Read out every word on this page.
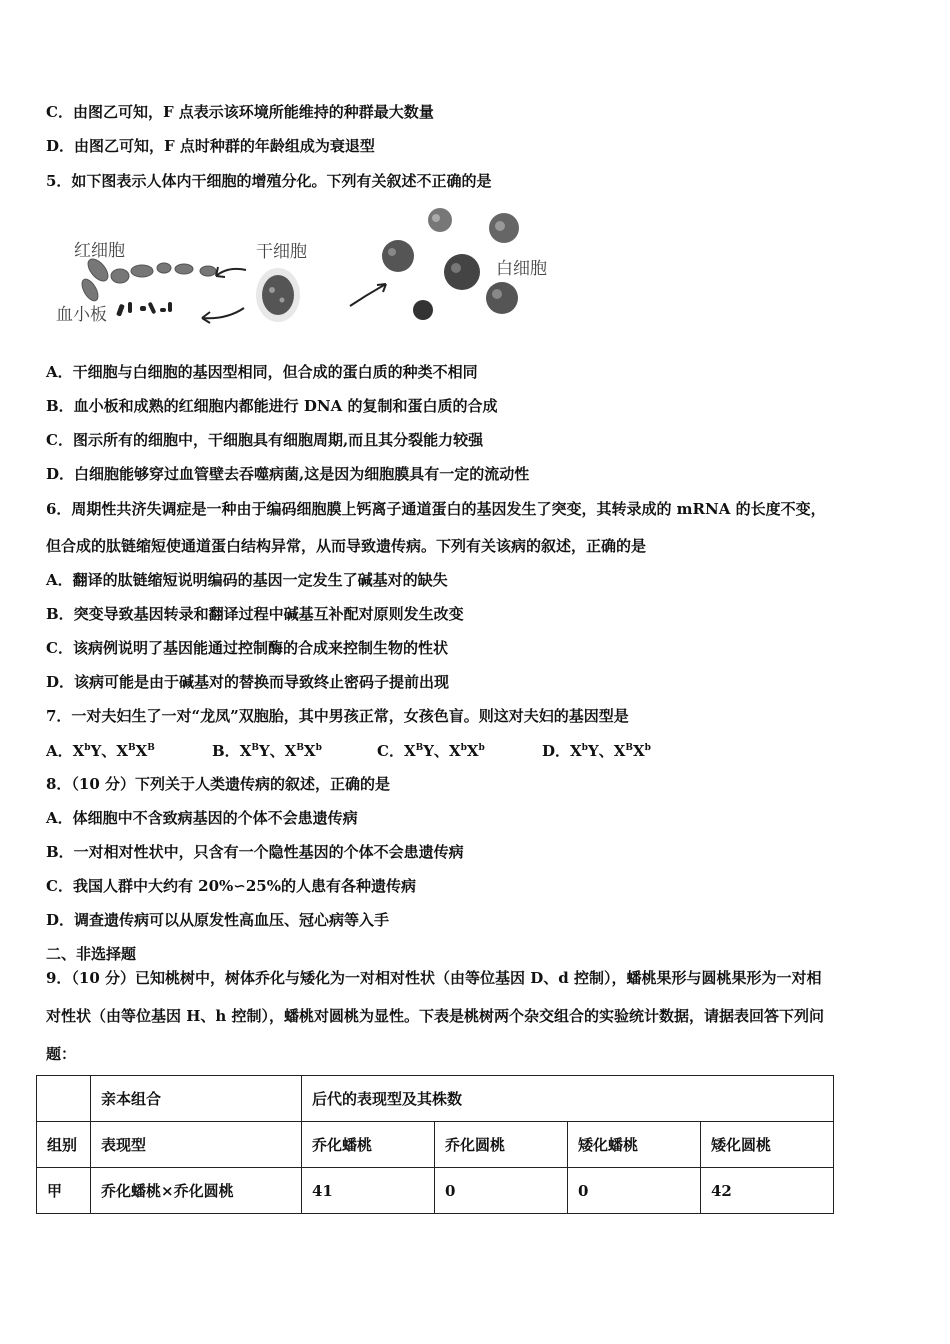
C．由图乙可知，F 点表示该环境所能维持的种群最大数量
D．由图乙可知，F 点时种群的年龄组成为衰退型
5．如下图表示人体内干细胞的增殖分化。下列有关叙述不正确的是
红细胞
血小板
干细胞
白细胞
A．干细胞与白细胞的基因型相同，但合成的蛋白质的种类不相同
B．血小板和成熟的红细胞内都能进行 DNA 的复制和蛋白质的合成
C．图示所有的细胞中，干细胞具有细胞周期,而且其分裂能力较强
D．白细胞能够穿过血管壁去吞噬病菌,这是因为细胞膜具有一定的流动性
6．周期性共济失调症是一种由于编码细胞膜上钙离子通道蛋白的基因发生了突变，其转录成的 mRNA 的长度不变，
但合成的肽链缩短使通道蛋白结构异常，从而导致遗传病。下列有关该病的叙述，正确的是
A．翻译的肽链缩短说明编码的基因一定发生了碱基对的缺失
B．突变导致基因转录和翻译过程中碱基互补配对原则发生改变
C．该病例说明了基因能通过控制酶的合成来控制生物的性状
D．该病可能是由于碱基对的替换而导致终止密码子提前出现
7．一对夫妇生了一对“龙凤”双胞胎，其中男孩正常，女孩色盲。则这对夫妇的基因型是
A．$X^bY$、$X^BX^B$	B．$X^BY$、$X^BX^b$	C．$X^BY$、$X^bX^b$	D．$X^bY$、$X^BX^b$
8．（10 分）下列关于人类遗传病的叙述，正确的是
A．体细胞中不含致病基因的个体不会患遗传病
B．一对相对性状中，只含有一个隐性基因的个体不会患遗传病
C．我国人群中大约有 20%∽25%的人患有各种遗传病
D．调查遗传病可以从原发性高血压、冠心病等入手
二、非选择题
9．（10 分）已知桃树中，树体乔化与矮化为一对相对性状（由等位基因 D、d 控制），蟠桃果形与圆桃果形为一对相
对性状（由等位基因 H、h 控制），蟠桃对圆桃为显性。下表是桃树两个杂交组合的实验统计数据，请据表回答下列问
题：
	亲本组合	后代的表现型及其株数			
组别	表现型	乔化蟠桃	乔化圆桃	矮化蟠桃	矮化圆桃
甲	乔化蟠桃×乔化圆桃	41	0	0	42
